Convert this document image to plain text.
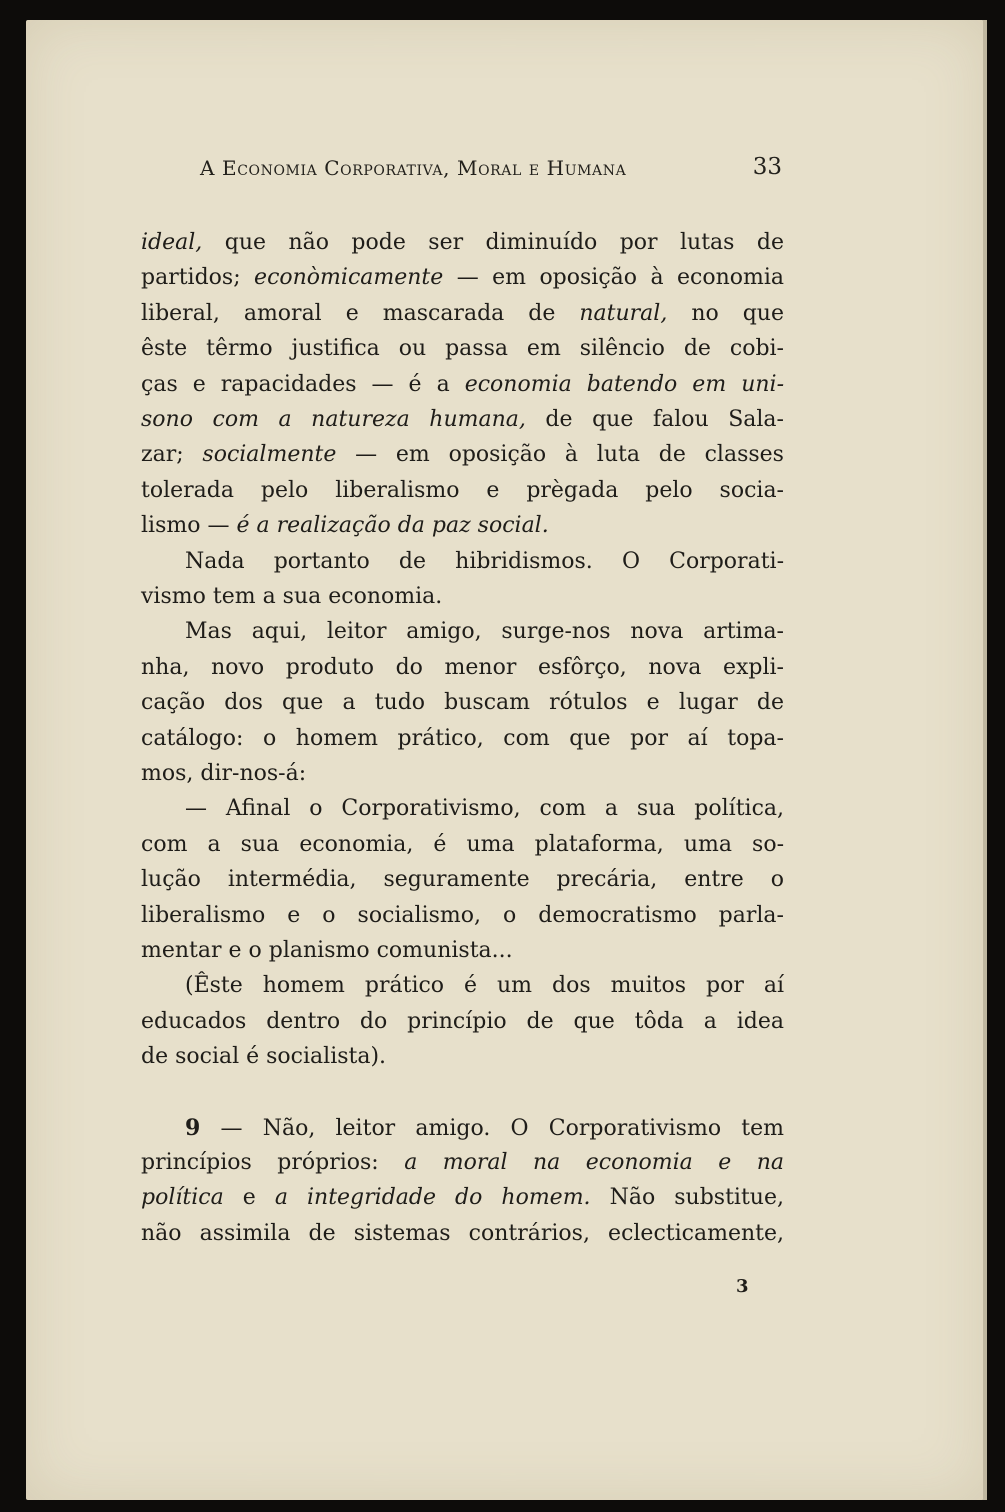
A Economia Corporativa, Moral e Humana	33
ideal, que não pode ser diminuído por lutas de
partidos; econòmicamente — em oposição à economia
liberal, amoral e mascarada de natural, no que
êste têrmo justifica ou passa em silêncio de cobi-
ças e rapacidades — é a economia batendo em uni-
sono com a natureza humana, de que falou Sala-
zar; socialmente — em oposição à luta de classes
tolerada pelo liberalismo e prègada pelo socia-
lismo — é a realização da paz social.
Nada portanto de hibridismos. O Corporati-
vismo tem a sua economia.
Mas aqui, leitor amigo, surge-nos nova artima-
nha, novo produto do menor esfôrço, nova expli-
cação dos que a tudo buscam rótulos e lugar de
catálogo: o homem prático, com que por aí topa-
mos, dir-nos-á:
— Afinal o Corporativismo, com a sua política,
com a sua economia, é uma plataforma, uma so-
lução intermédia, seguramente precária, entre o
liberalismo e o socialismo, o democratismo parla-
mentar e o planismo comunista...
(Êste homem prático é um dos muitos por aí
educados dentro do princípio de que tôda a idea
de social é socialista).
9 — Não, leitor amigo. O Corporativismo tem
princípios próprios: a moral na economia e na
política e a integridade do homem. Não substitue,
não assimila de sistemas contrários, eclecticamente,
3
